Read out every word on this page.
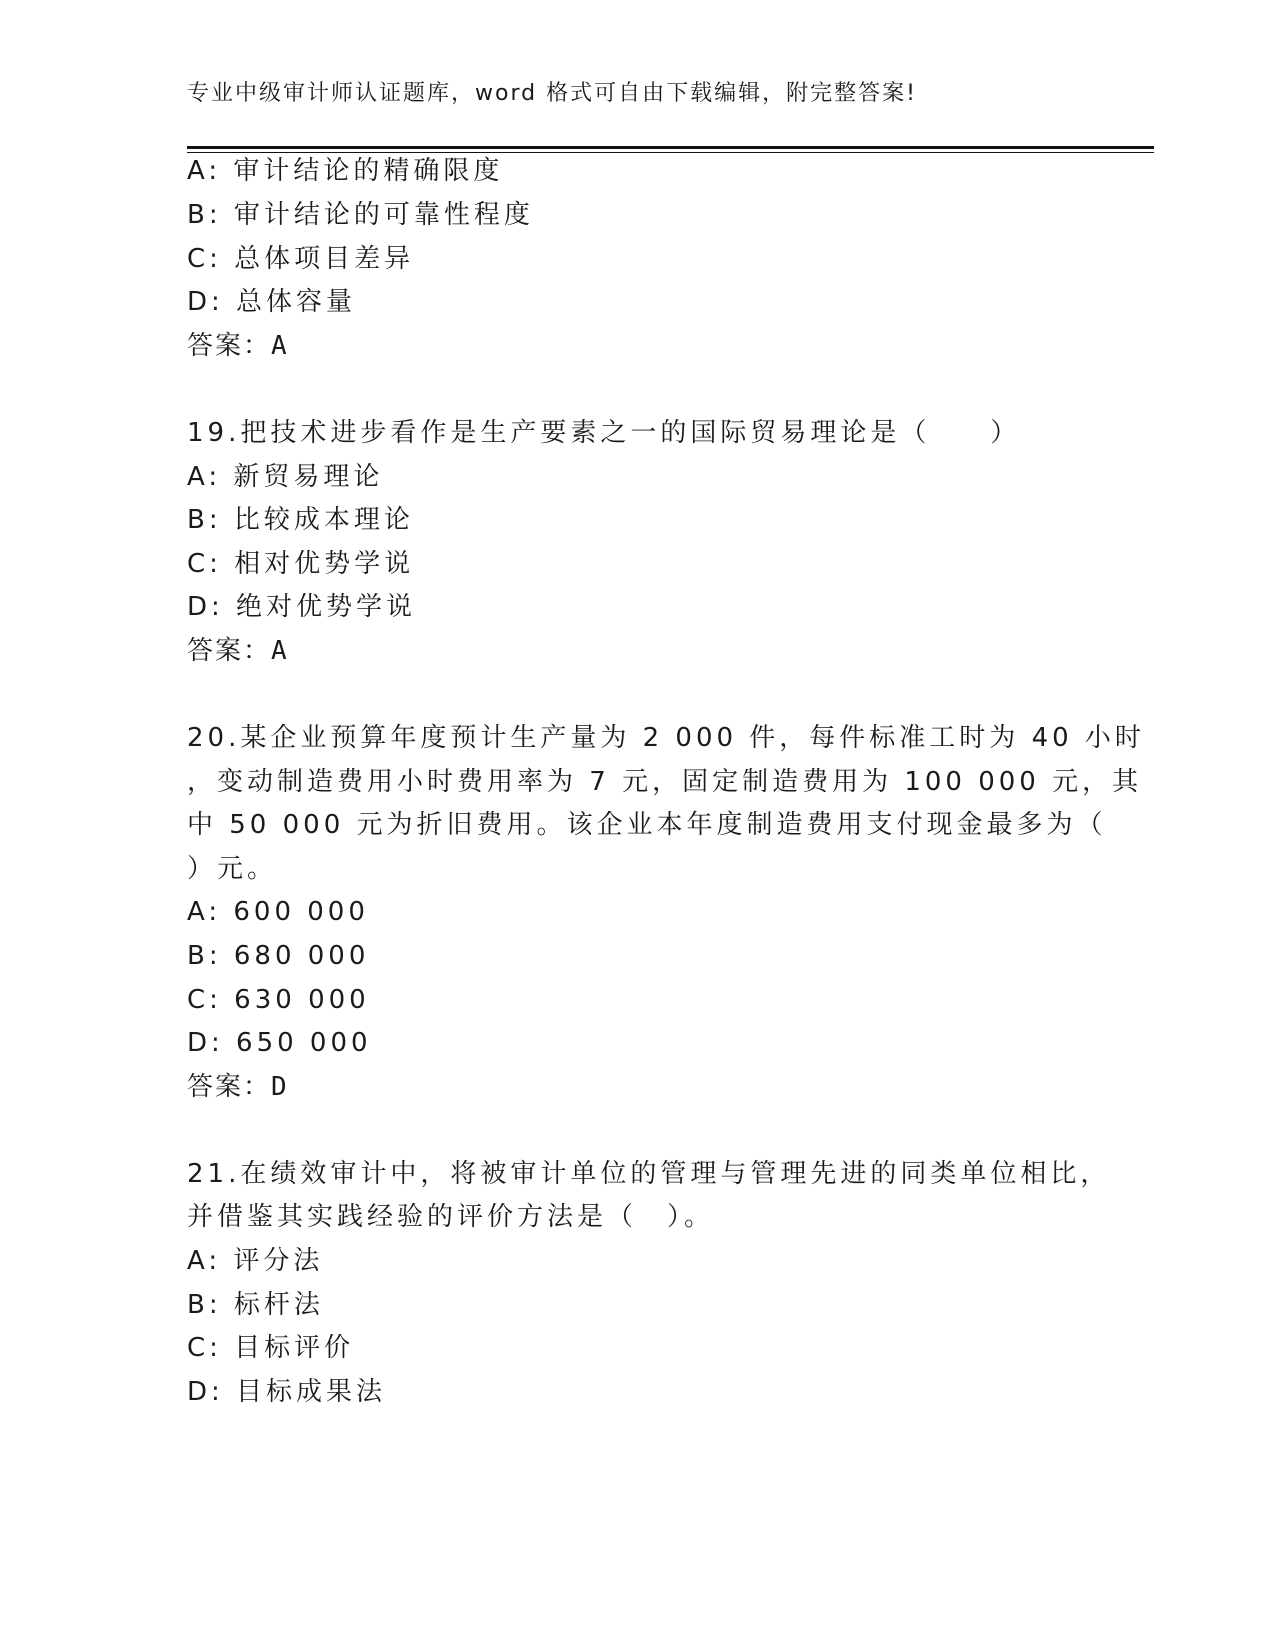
专业中级审计师认证题库，word 格式可自由下载编辑，附完整答案!
A: 审计结论的精确限度
B: 审计结论的可靠性程度
C: 总体项目差异
D: 总体容量
答案：A
19.把技术进步看作是生产要素之一的国际贸易理论是（　　）
A: 新贸易理论
B: 比较成本理论
C: 相对优势学说
D: 绝对优势学说
答案：A
20.某企业预算年度预计生产量为 2 000 件，每件标准工时为 40 小时
，变动制造费用小时费用率为 7 元，固定制造费用为 100 000 元，其
中 50 000 元为折旧费用。该企业本年度制造费用支付现金最多为（
）元。
A: 600 000
B: 680 000
C: 630 000
D: 650 000
答案：D
21.在绩效审计中，将被审计单位的管理与管理先进的同类单位相比，
并借鉴其实践经验的评价方法是（　）。
A: 评分法
B: 标杆法
C: 目标评价
D: 目标成果法
